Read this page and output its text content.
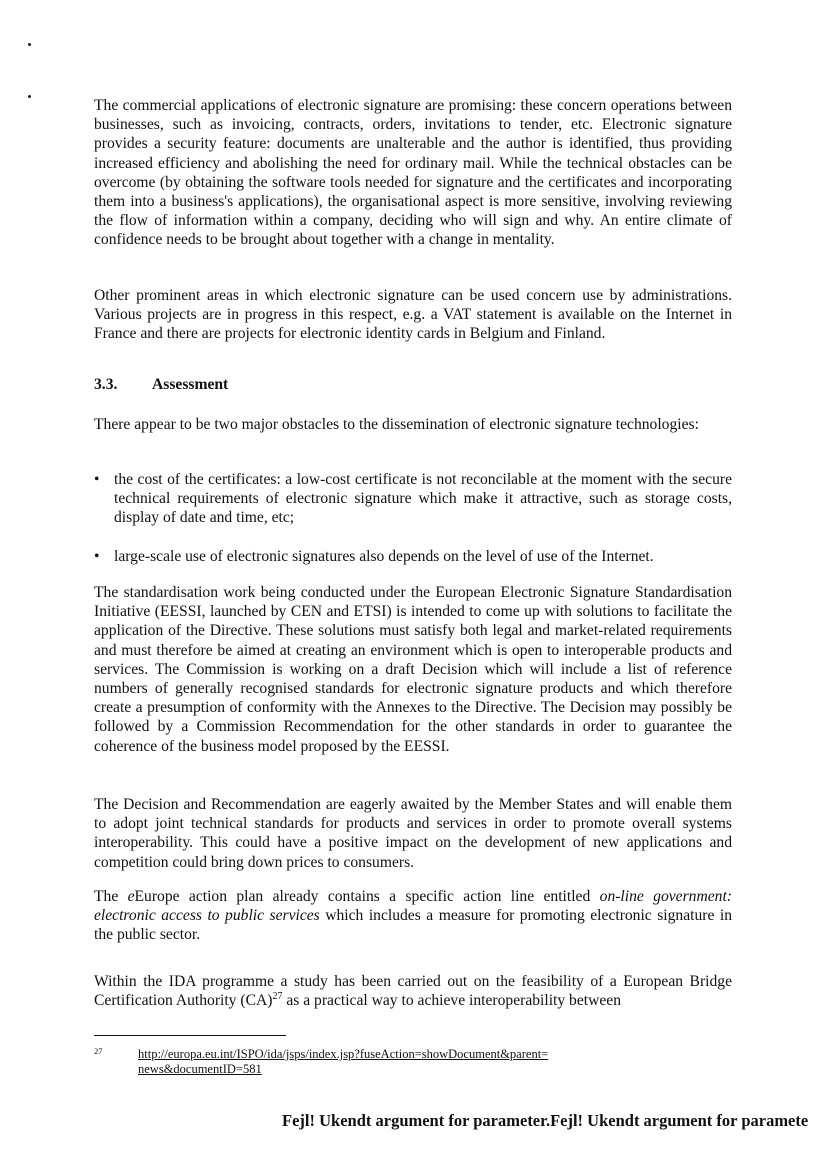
The commercial applications of electronic signature are promising: these concern operations between businesses, such as invoicing, contracts, orders, invitations to tender, etc. Electronic signature provides a security feature: documents are unalterable and the author is identified, thus providing increased efficiency and abolishing the need for ordinary mail. While the technical obstacles can be overcome (by obtaining the software tools needed for signature and the certificates and incorporating them into a business's applications), the organisational aspect is more sensitive, involving reviewing the flow of information within a company, deciding who will sign and why. An entire climate of confidence needs to be brought about together with a change in mentality.

Other prominent areas in which electronic signature can be used concern use by administrations. Various projects are in progress in this respect, e.g. a VAT statement is available on the Internet in France and there are projects for electronic identity cards in Belgium and Finland.

3.3. Assessment

There appear to be two major obstacles to the dissemination of electronic signature technologies:

• the cost of the certificates: a low-cost certificate is not reconcilable at the moment with the secure technical requirements of electronic signature which make it attractive, such as storage costs, display of date and time, etc;
• large-scale use of electronic signatures also depends on the level of use of the Internet.

The standardisation work being conducted under the European Electronic Signature Standardisation Initiative (EESSI, launched by CEN and ETSI) is intended to come up with solutions to facilitate the application of the Directive. These solutions must satisfy both legal and market-related requirements and must therefore be aimed at creating an environment which is open to interoperable products and services. The Commission is working on a draft Decision which will include a list of reference numbers of generally recognised standards for electronic signature products and which therefore create a presumption of conformity with the Annexes to the Directive. The Decision may possibly be followed by a Commission Recommendation for the other standards in order to guarantee the coherence of the business model proposed by the EESSI.

The Decision and Recommendation are eagerly awaited by the Member States and will enable them to adopt joint technical standards for products and services in order to promote overall systems interoperability. This could have a positive impact on the development of new applications and competition could bring down prices to consumers.

The eEurope action plan already contains a specific action line entitled on-line government: electronic access to public services which includes a measure for promoting electronic signature in the public sector.

Within the IDA programme a study has been carried out on the feasibility of a European Bridge Certification Authority (CA)$^{27}$ as a practical way to achieve interoperability between

27	http://europa.eu.int/ISPO/ida/jsps/index.jsp?fuseAction=showDocument&parent=
news&documentID=581
Fejl! Ukendt argument for parameter.Fejl! Ukendt argument for paramete
